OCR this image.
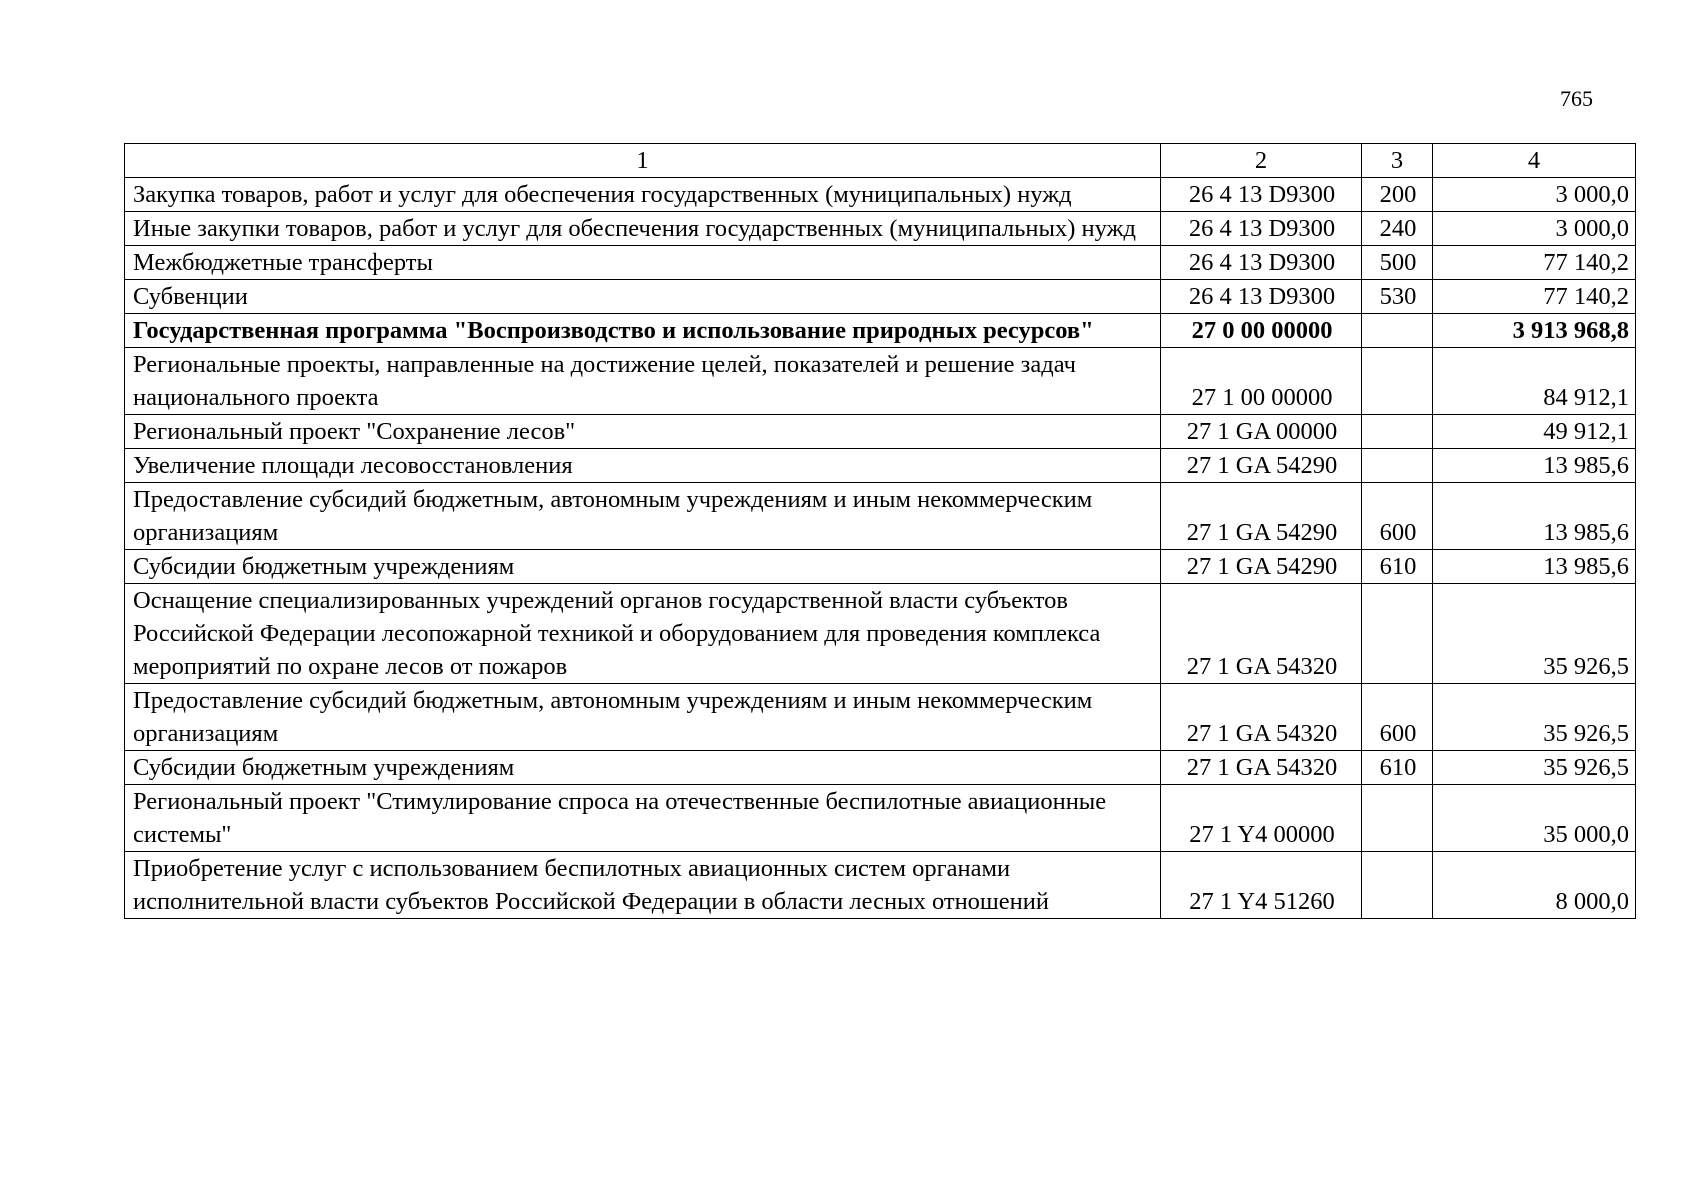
765
1	2	3	4
Закупка товаров, работ и услуг для обеспечения государственных (муниципальных) нужд	26 4 13 D9300	200	3 000,0
Иные закупки товаров, работ и услуг для обеспечения государственных (муниципальных) нужд	26 4 13 D9300	240	3 000,0
Межбюджетные трансферты	26 4 13 D9300	500	77 140,2
Субвенции	26 4 13 D9300	530	77 140,2
Государственная программа "Воспроизводство и использование природных ресурсов"	27 0 00 00000		3 913 968,8
Региональные проекты, направленные на достижение целей, показателей и решение задач национального проекта	27 1 00 00000		84 912,1
Региональный проект "Сохранение лесов"	27 1 GA 00000		49 912,1
Увеличение площади лесовосстановления	27 1 GA 54290		13 985,6
Предоставление субсидий бюджетным, автономным учреждениям и иным некоммерческим организациям	27 1 GA 54290	600	13 985,6
Субсидии бюджетным учреждениям	27 1 GA 54290	610	13 985,6
Оснащение специализированных учреждений органов государственной власти субъектов Российской Федерации лесопожарной техникой и оборудованием для проведения комплекса мероприятий по охране лесов от пожаров	27 1 GA 54320		35 926,5
Предоставление субсидий бюджетным, автономным учреждениям и иным некоммерческим организациям	27 1 GA 54320	600	35 926,5
Субсидии бюджетным учреждениям	27 1 GA 54320	610	35 926,5
Региональный проект "Стимулирование спроса на отечественные беспилотные авиационные системы"	27 1 Y4 00000		35 000,0
Приобретение услуг с использованием беспилотных авиационных систем органами исполнительной власти субъектов Российской Федерации в области лесных отношений	27 1 Y4 51260		8 000,0
